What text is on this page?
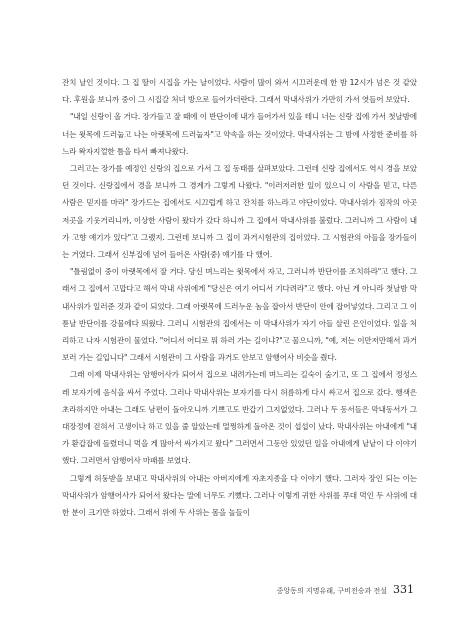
잔치 날인 것이다. 그 집 딸이 시집을 가는 날이었다. 사람이 많이 와서 시끄러운데 한 밤 12시가 넘은 것 같았다. 후원을 보니까 중이 그 시집갈 처녀 방으로 들어가더란다. 그래서 막내사위가 가만히 가서 엿들어 보았다.

"내일 신랑이 올 거다. 장가들고 잘 때에 이 반단이에 내가 들어가서 있을 테니 너는 신랑 집에 가서 첫날밤에 너는 윗목에 드러눕고 나는 아랫목에 드러눕자"고 약속을 하는 것이었다. 막내사위는 그 밤에 사정한 준비를 하느라 왁자지껄한 틈을 타서 빠져나왔다.

그러고는 장가를 예정인 신랑의 집으로 가서 그 집 동태를 살펴보았다. 그런데 신랑 집에서도 역시 경을 보았던 것이다. 신랑집에서 경을 보니까 그 경계가 그렇게 나왔다. "이러저러한 일이 있으니 이 사람을 믿고, 다른 사람은 믿지를 마라" 장가드는 집에서도 시끄럽게 하고 잔치를 하느라고 야단이었다. 막내사위가 짐작의 아곳저곳을 기웃거리니까, 이상한 사람이 왔다가 갔다 하니까 그 집에서 막내사위를 불렀다. 그러니까 그 사람이 내가 고향 얘기가 있다"고 그랬지. 그런데 보니까 그 집이 과거시험관의 집이었다. 그 시험관의 아들을 장가들이는 거였다. 그래서 신부집에 넘어 들어온 사람(중) 얘기를 다 했어.

"틀림없이 중이 아랫목에서 잘 거다. 당신 며느리는 윗목에서 자고, 그러니까 반단이를 조치하라"고 했다. 그래서 그 집에서 고맙다고 해서 막내 사위에게 "당신은 여기 어디서 기다려라"고 했다. 아닌 게 아니라 첫날밤 막내사위가 일러준 것과 같이 되었다. 그래 아랫목에 드러누운 놈을 잡아서 반단이 안에 잡어넣었다. 그리고 그 이튿날 반단이를 강물에다 띄웠다. 그러니 시험관의 집에서는 이 막내사위가 자기 아들 살린 은인이었다. 일을 처리하고 나자 시험관이 물었다. "어디서 어디로 뭐 하러 가는 길이냐?"고 물으니까, "예, 저는 이만저만해서 과거 보러 가는 길입니다" 그래서 시험관이 그 사람을 과거도 안보고 암행어사 비슷을 줬다.

그래 이제 막내사위는 암행어사가 되어서 집으로 내려가는데 며느리는 길숙이 숨기고, 또 그 집에서 정성스레 보자기에 음식을 싸서 주었다. 그러나 막내사위는 보자기를 다시 허름하게 다시 싸고서 집으로 갔다. 행색은 초라하지만 아내는 그래도 남편이 돌아오니까 기쁘고도 반갑기 그지없었다. 그러나 두 동서들은 막내동서가 그 대장정에 걷혀서 고생이나 하고 있을 줄 알았는데 멀쩡하게 돌아온 것이 섭섭이 났다. 막내사위는 아내에게 "내가 환갑잡에 들렸더니 먹을 게 많아서 싸가지고 왔다" 그러면서 그동안 있었던 일을 아내에게 낱낱이 다 이야기했다. 그러면서 암행어사 마패를 보였다.

그렇게 허둥받을 보내고 막내사위의 아내는 아버지에게 자초지종을 다 이야기 했다. 그러자 장인 되는 이는 막내사위가 암행어사가 되어서 왔다는 말에 너무도 기뻤다. 그러나 이렇게 귀한 사위를 푸대 먹인 두 사위에 대한 분이 크기만 하였다. 그래서 위에 두 사위는 몸을 놀들이

중앙동의 지명유래, 구비전승과 전설 331
